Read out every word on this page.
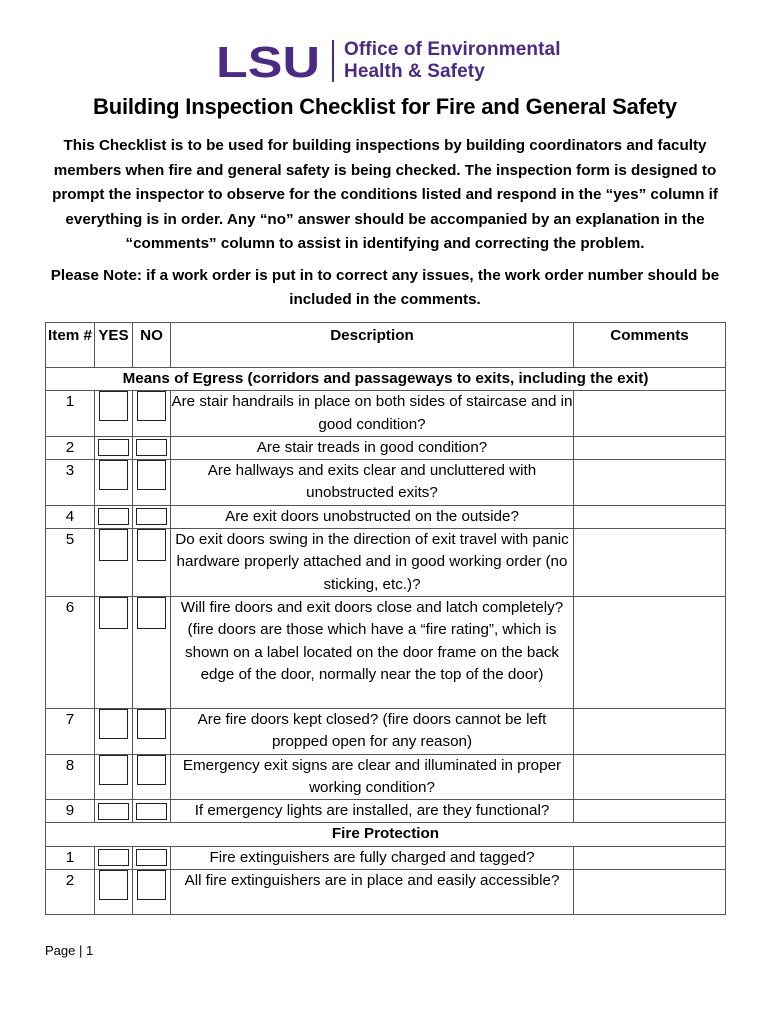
LSU Office of Environmental
Health & Safety
Building Inspection Checklist for Fire and General Safety
This Checklist is to be used for building inspections by building coordinators and faculty members when fire and general safety is being checked. The inspection form is designed to prompt the inspector to observe for the conditions listed and respond in the “yes” column if everything is in order. Any “no” answer should be accompanied by an explanation in the “comments” column to assist in identifying and correcting the problem.
Please Note: if a work order is put in to correct any issues, the work order number should be included in the comments.
Item #	YES	NO	Description	Comments
Means of Egress (corridors and passageways to exits, including the exit)				
1			Are stair handrails in place on both sides of staircase and in good condition?	
2			Are stair treads in good condition?	
3			Are hallways and exits clear and uncluttered with unobstructed exits?	
4			Are exit doors unobstructed on the outside?	
5			Do exit doors swing in the direction of exit travel with panic hardware properly attached and in good working order (no sticking, etc.)?	
6			Will fire doors and exit doors close and latch completely? (fire doors are those which have a “fire rating”, which is shown on a label located on the door frame on the back edge of the door, normally near the top of the door)	
7			Are fire doors kept closed? (fire doors cannot be left propped open for any reason)	
8			Emergency exit signs are clear and illuminated in proper working condition?	
9			If emergency lights are installed, are they functional?	
Fire Protection				
1			Fire extinguishers are fully charged and tagged?	
2			All fire extinguishers are in place and easily accessible?	
Page | 1
